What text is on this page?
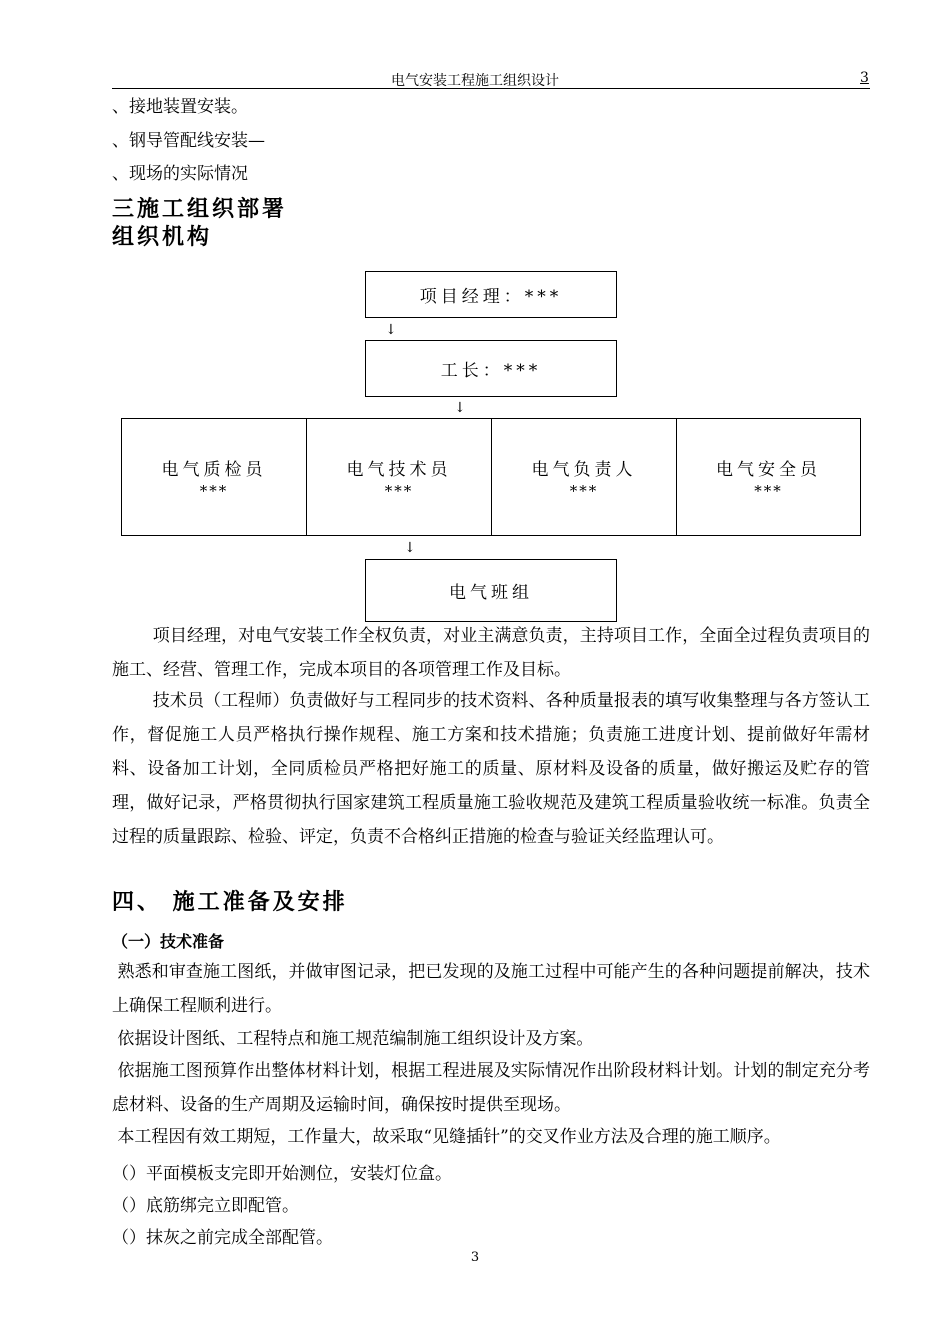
电气安装工程施工组织设计	3
、接地装置安装。
、钢导管配线安装—
、现场的实际情况
三施工组织部署
组织机构
项目经理：***
↓
工长：***
↓
电气质检员
***
电气技术员
***
电气负责人
***
电气安全员
***
↓
电气班组
项目经理，对电气安装工作全权负责，对业主满意负责，主持项目工作，全面全过程负责项目的施工、经营、管理工作，完成本项目的各项管理工作及目标。
技术员（工程师）负责做好与工程同步的技术资料、各种质量报表的填写收集整理与各方签认工作，督促施工人员严格执行操作规程、施工方案和技术措施；负责施工进度计划、提前做好年需材料、设备加工计划，全同质检员严格把好施工的质量、原材料及设备的质量，做好搬运及贮存的管理，做好记录，严格贯彻执行国家建筑工程质量施工验收规范及建筑工程质量验收统一标准。负责全过程的质量跟踪、检验、评定，负责不合格纠正措施的检查与验证关经监理认可。
四、 施工准备及安排
（一）技术准备
熟悉和审查施工图纸，并做审图记录，把已发现的及施工过程中可能产生的各种问题提前解决，技术上确保工程顺利进行。
依据设计图纸、工程特点和施工规范编制施工组织设计及方案。
依据施工图预算作出整体材料计划，根据工程进展及实际情况作出阶段材料计划。计划的制定充分考虑材料、设备的生产周期及运输时间，确保按时提供至现场。
本工程因有效工期短，工作量大，故采取“见缝插针”的交叉作业方法及合理的施工顺序。
（）平面模板支完即开始测位，安装灯位盒。
（）底筋绑完立即配管。
（）抹灰之前完成全部配管。
3
